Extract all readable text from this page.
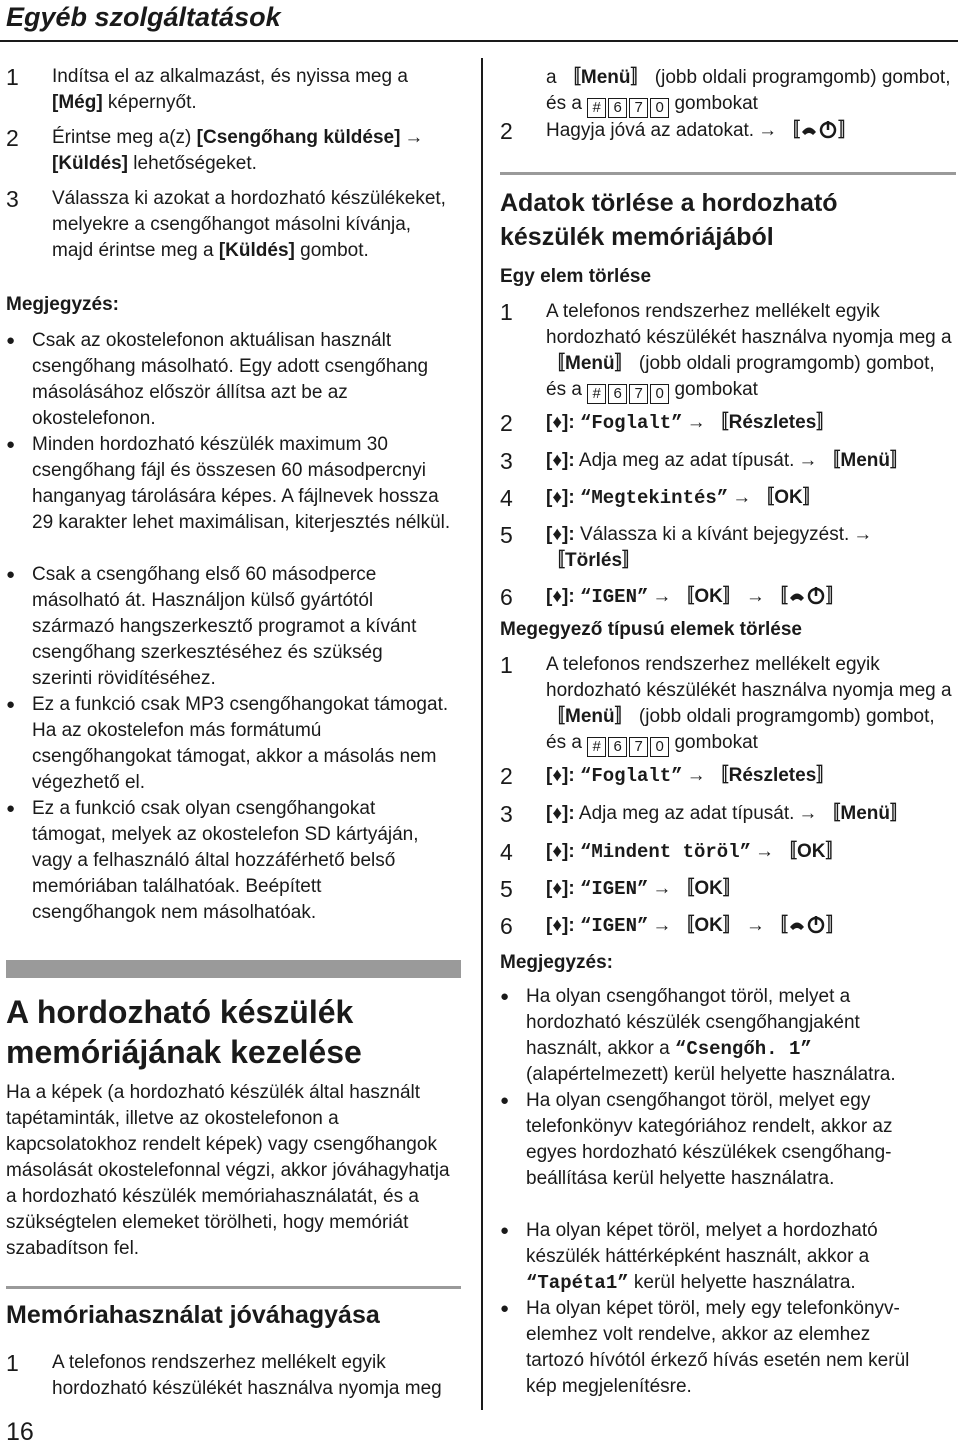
Egyéb szolgáltatások
1	Indítsa el az alkalmazást, és nyissa meg a
[Még] képernyőt.
2	Érintse meg a(z) [Csengőhang küldése] →
[Küldés] lehetőségeket.
3	Válassza ki azokat a hordozható készülékeket, melyekre a csengőhangot másolni kívánja, majd érintse meg a [Küldés] gombot.
Megjegyzés:
● Csak az okostelefonon aktuálisan használt csengőhang másolható. Egy adott csengőhang másolásához először állítsa azt be az okostelefonon.
● Minden hordozható készülék maximum 30 csengőhang fájl és összesen 60 másodpercnyi hanganyag tárolására képes. A fájlnevek hossza 29 karakter lehet maximálisan, kiterjesztés nélkül.
● Csak a csengőhang első 60 másodperce másolható át. Használjon külső gyártótól származó hangszerkesztő programot a kívánt csengőhang szerkesztéséhez és szükség szerinti rövidítéséhez.
● Ez a funkció csak MP3 csengőhangokat támogat. Ha az okostelefon más formátumú csengőhangokat támogat, akkor a másolás nem végezhető el.
● Ez a funkció csak olyan csengőhangokat támogat, melyek az okostelefon SD kártyáján, vagy a felhasználó által hozzáférhető belső memóriában találhatóak. Beépített csengőhangok nem másolhatóak.
A hordozható készülék
memóriájának kezelése
Ha a képek (a hordozható készülék által használt tapétaminták, illetve az okostelefonon a kapcsolatokhoz rendelt képek) vagy csengőhangok másolását okostelefonnal végzi, akkor jóváhagyhatja a hordozható készülék memóriahasználatát, és a szükségtelen elemeket törölheti, hogy memóriát szabadítson fel.
Memóriahasználat jóváhagyása
1	A telefonos rendszerhez mellékelt egyik hordozható készülékét használva nyomja meg
16
a 〚 Menü 〛 (jobb oldali programgomb) gombot,
és a # 6 7 0 gombokat
2	Hagyja jóvá az adatokat. → 〚 〛
Adatok törlése a hordozható
készülék memóriájából
Egy elem törlése
1	A telefonos rendszerhez mellékelt egyik hordozható készülékét használva nyomja meg a 〚 Menü 〛 (jobb oldali programgomb) gombot,
és a # 6 7 0 gombokat
2	[♦]: “Foglalt” → 〚 Részletes 〛
3	[♦]: Adja meg az adat típusát. → 〚 Menü 〛
4	[♦]: “Megtekintés” → 〚 OK 〛
5	[♦]: Válassza ki a kívánt bejegyzést. →
〚 Törlés 〛
6	[♦]: “IGEN” → 〚 OK 〛 → 〚 〛
Megegyező típusú elemek törlése
1	A telefonos rendszerhez mellékelt egyik hordozható készülékét használva nyomja meg a 〚 Menü 〛 (jobb oldali programgomb) gombot,
és a # 6 7 0 gombokat
2	[♦]: “Foglalt” → 〚 Részletes 〛
3	[♦]: Adja meg az adat típusát. → 〚 Menü 〛
4	[♦]: “Mindent töröl” → 〚 OK 〛
5	[♦]: “IGEN” → 〚 OK 〛
6	[♦]: “IGEN” → 〚 OK 〛 → 〚 〛
Megjegyzés:
● Ha olyan csengőhangot töröl, melyet a hordozható készülék csengőhangjaként használt, akkor a “Csengőh. 1” (alapértelmezett) kerül helyette használatra.
● Ha olyan csengőhangot töröl, melyet egy telefonkönyv kategóriához rendelt, akkor az egyes hordozható készülékek csengőhang-beállítása kerül helyette használatra.
● Ha olyan képet töröl, melyet a hordozható készülék háttérképként használt, akkor a “Tapéta1” kerül helyette használatra.
● Ha olyan képet töröl, mely egy telefonkönyv-elemhez volt rendelve, akkor az elemhez tartozó hívótól érkező hívás esetén nem kerül kép megjelenítésre.
